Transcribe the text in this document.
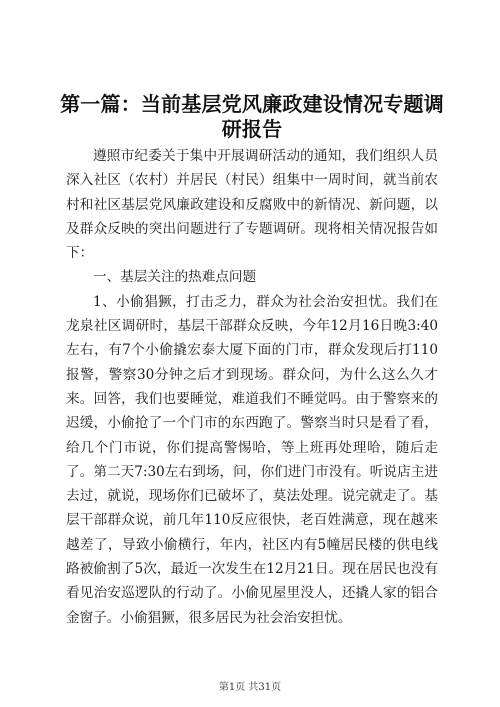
第一篇：当前基层党风廉政建设情况专题调研报告

遵照市纪委关于集中开展调研活动的通知，我们组织人员深入社区（农村）并居民（村民）组集中一周时间，就当前农村和社区基层党风廉政建设和反腐败中的新情况、新问题，以及群众反映的突出问题进行了专题调研。现将相关情况报告如下：

一、基层关注的热难点问题

1、小偷猖獗，打击乏力，群众为社会治安担忧。我们在龙泉社区调研时，基层干部群众反映，今年12月16日晚3:40左右，有7个小偷撬宏泰大厦下面的门市，群众发现后打110报警，警察30分钟之后才到现场。群众问，为什么这么久才来。回答，我们也要睡觉，难道我们不睡觉吗。由于警察来的迟缓，小偷抢了一个门市的东西跑了。警察当时只是看了看，给几个门市说，你们提高警惕哈，等上班再处理哈，随后走了。第二天7:30左右到场，问，你们进门市没有。听说店主进去过，就说，现场你们已破坏了，莫法处理。说完就走了。基层干部群众说，前几年110反应很快，老百姓满意，现在越来越差了，导致小偷横行，年内，社区内有5幢居民楼的供电线路被偷割了5次，最近一次发生在12月21日。现在居民也没有看见治安巡逻队的行动了。小偷见屋里没人，还撬人家的铝合金窗子。小偷猖獗，很多居民为社会治安担忧。

第1页 共31页
